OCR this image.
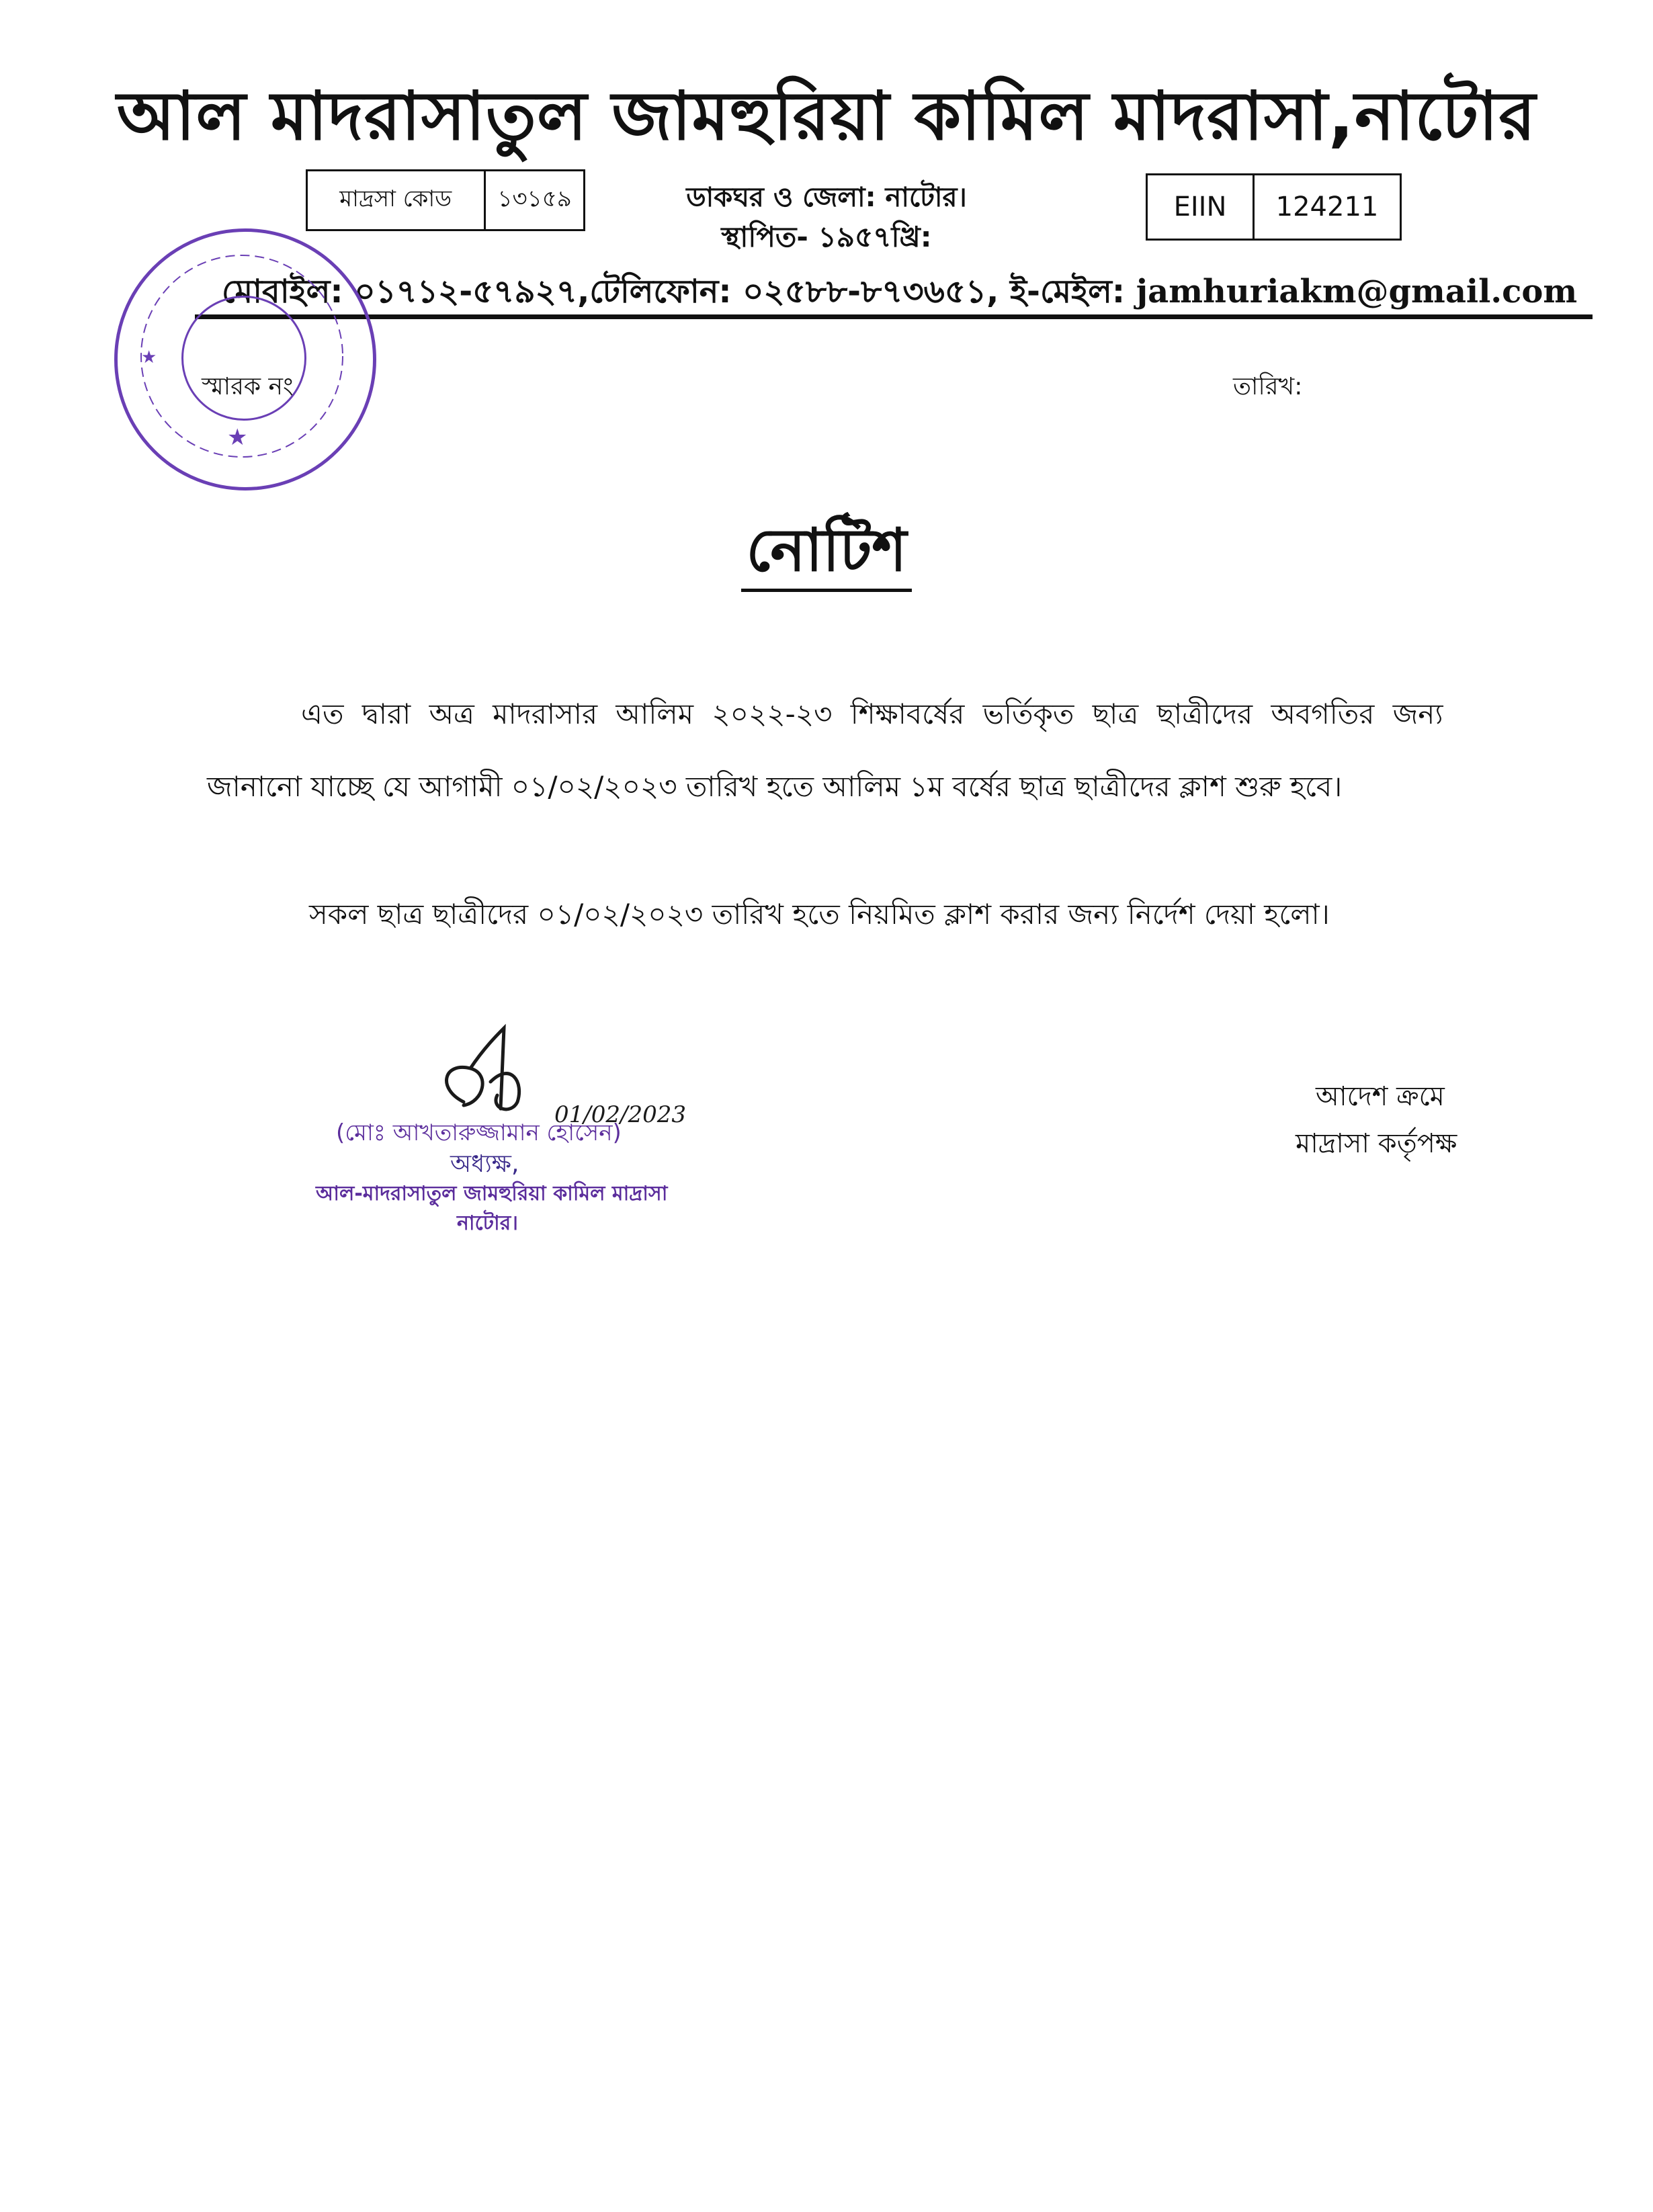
আল মাদরাসাতুল জামহুরিয়া কামিল মাদরাসা,নাটোর
মাদ্রসা কোড	১৩১৫৯	EIIN	124211
ডাকঘর ও জেলা: নাটোর।
স্থাপিত- ১৯৫৭খ্রি:
মোবাইল: ০১৭১২-৫৭৯২৭,টেলিফোন: ০২৫৮৮-৮৭৩৬৫১, ই-মেইল: jamhuriakm@gmail.com
★
★
স্মারক নং	তারিখ:
নোটিশ
এত দ্বারা অত্র মাদরাসার আলিম ২০২২-২৩ শিক্ষাবর্ষের ভর্তিকৃত ছাত্র ছাত্রীদের অবগতির জন্য
জানানো যাচ্ছে যে আগামী ০১/০২/২০২৩ তারিখ হতে আলিম ১ম বর্ষের ছাত্র ছাত্রীদের ক্লাশ শুরু হবে।
সকল ছাত্র ছাত্রীদের ০১/০২/২০২৩ তারিখ হতে নিয়মিত ক্লাশ করার জন্য নির্দেশ দেয়া হলো।
01/02/2023
(মোঃ আখতারুজ্জামান হোসেন)
অধ্যক্ষ,
আল-মাদরাসাতুল জামহুরিয়া কামিল মাদ্রাসা
নাটোর।
আদেশ ক্রমে
মাদ্রাসা কর্তৃপক্ষ
